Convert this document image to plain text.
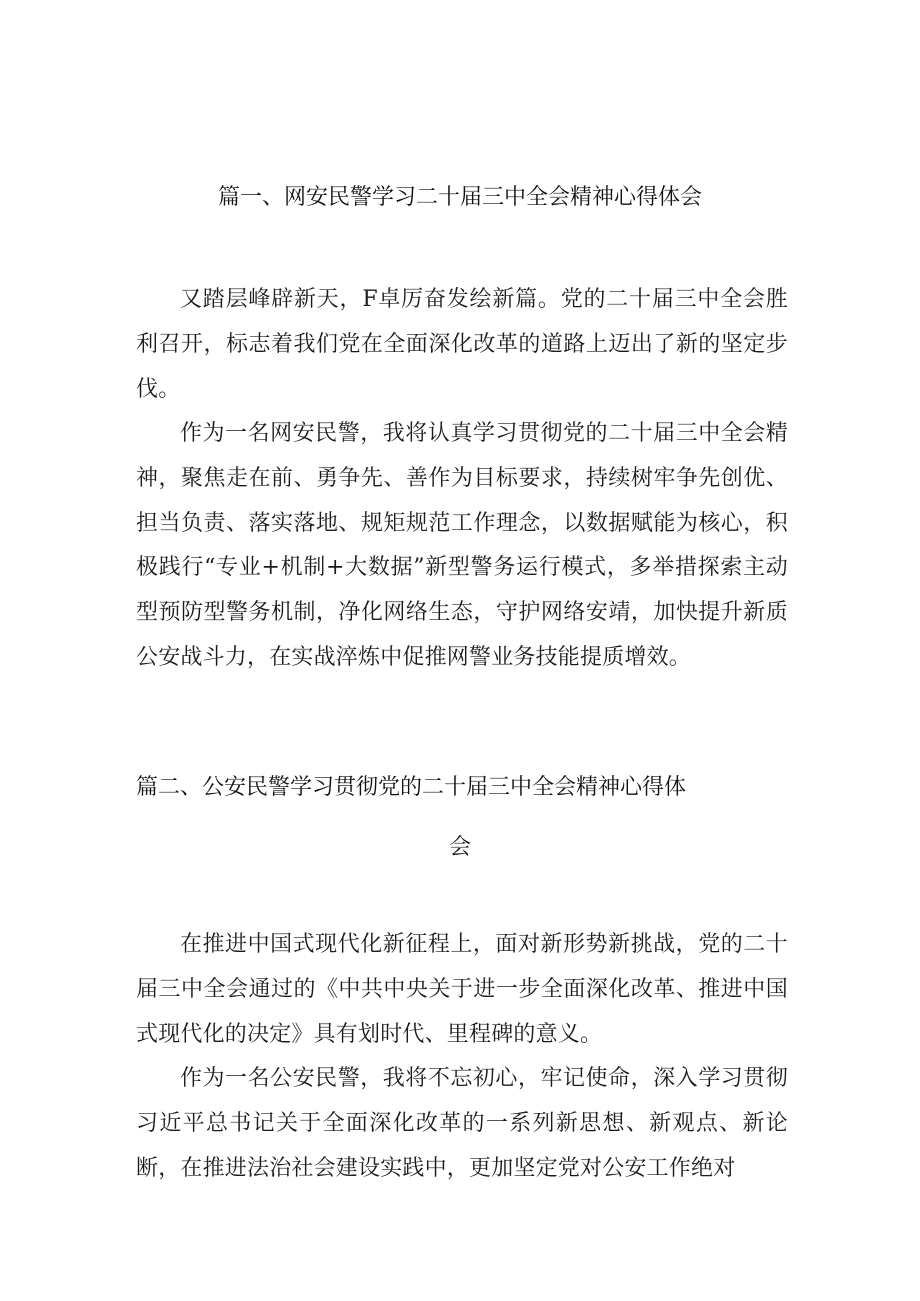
篇一、网安民警学习二十届三中全会精神心得体会

又踏层峰辟新天，F卓厉奋发绘新篇。党的二十届三中全会胜利召开，标志着我们党在全面深化改革的道路上迈出了新的坚定步伐。

作为一名网安民警，我将认真学习贯彻党的二十届三中全会精神，聚焦走在前、勇争先、善作为目标要求，持续树牢争先创优、担当负责、落实落地、规矩规范工作理念，以数据赋能为核心，积极践行“专业+机制+大数据”新型警务运行模式，多举措探索主动型预防型警务机制，净化网络生态，守护网络安靖，加快提升新质公安战斗力，在实战淬炼中促推网警业务技能提质增效。

篇二、公安民警学习贯彻党的二十届三中全会精神心得体
会

在推进中国式现代化新征程上，面对新形势新挑战，党的二十届三中全会通过的《中共中央关于进一步全面深化改革、推进中国式现代化的决定》具有划时代、里程碑的意义。

作为一名公安民警，我将不忘初心，牢记使命，深入学习贯彻习近平总书记关于全面深化改革的一系列新思想、新观点、新论断，在推进法治社会建设实践中，更加坚定党对公安工作绝对
